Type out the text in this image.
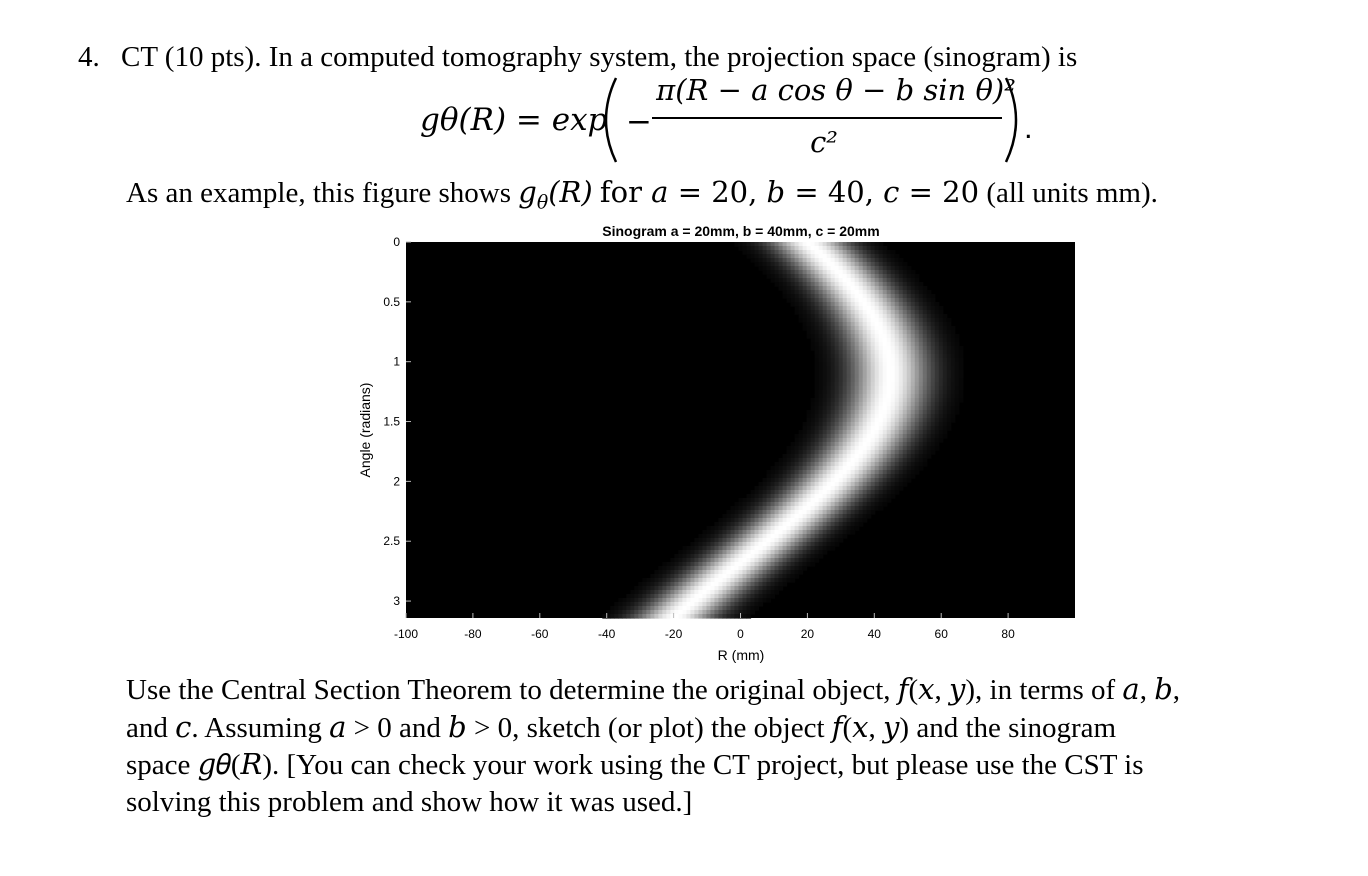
4. CT (10 pts). In a computed tomography system, the projection space (sinogram) is
𝑔𝜃(𝑅) = exp −
𝜋(𝑅 − 𝑎 𝑐𝑜𝑠 𝜃 − 𝑏 𝑠𝑖𝑛 𝜃)²
𝑐²	.
As an example, this figure shows $g_\theta(R)$ for 𝑎 = 20, 𝑏 = 40, 𝑐 = 20 (all units mm).
Sinogram a = 20mm, b = 40mm, c = 20mm
0
0.5
1
1.5
2
2.5
3
-100	-80	-60	-40	-20	0	20	40	60	80
Angle (radians)
R (mm)
Use the Central Section Theorem to determine the original object, 𝑓(𝑥, 𝑦), in terms of 𝑎, 𝑏,
and 𝑐. Assuming 𝑎 > 0 and 𝑏 > 0, sketch (or plot) the object 𝑓(𝑥, 𝑦) and the sinogram
space 𝑔𝜃(𝑅). [You can check your work using the CT project, but please use the CST is
solving this problem and show how it was used.]
